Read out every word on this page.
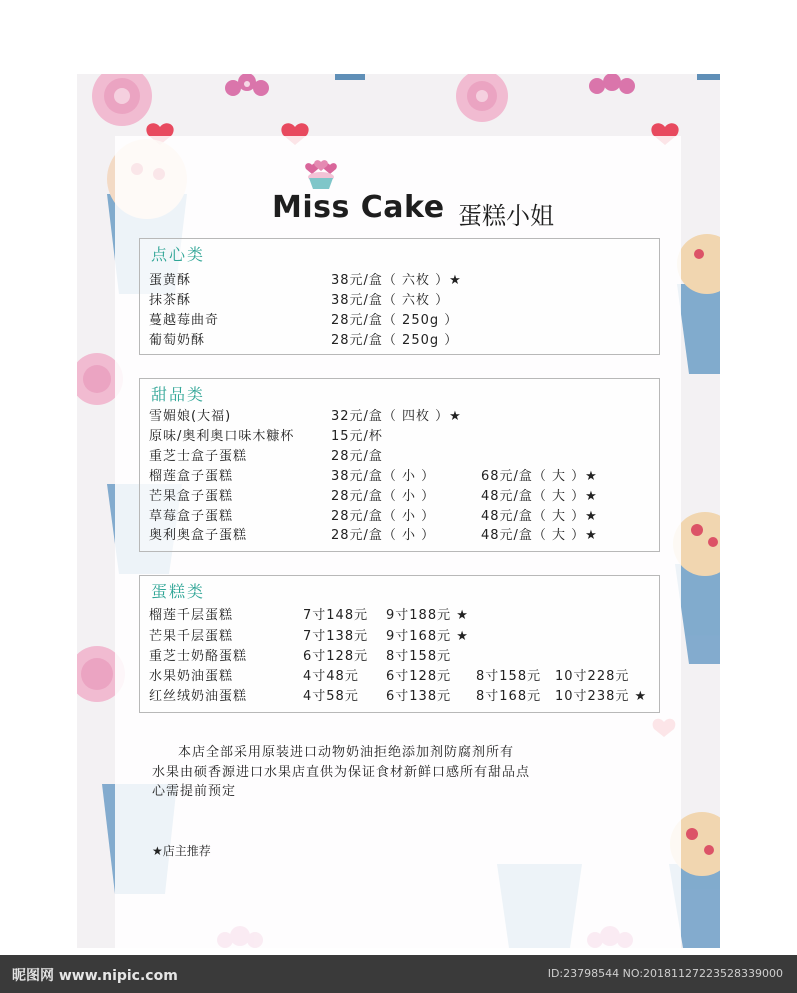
Miss Cake 蛋糕小姐
点心类
蛋黄酥	38元/盒（ 六枚 ）★
抹茶酥	38元/盒（ 六枚 ）
蔓越莓曲奇	28元/盒（ 250g ）
葡萄奶酥	28元/盒（ 250g ）
甜品类
雪媚娘(大福)	32元/盒（ 四枚 ）★
原味/奥利奥口味木糠杯	15元/杯
重芝士盒子蛋糕	28元/盒
榴莲盒子蛋糕	38元/盒（ 小 ）	68元/盒（ 大 ）★
芒果盒子蛋糕	28元/盒（ 小 ）	48元/盒（ 大 ）★
草莓盒子蛋糕	28元/盒（ 小 ）	48元/盒（ 大 ）★
奥利奥盒子蛋糕	28元/盒（ 小 ）	48元/盒（ 大 ）★
蛋糕类
榴莲千层蛋糕	7寸148元 9寸188元 ★
芒果千层蛋糕	7寸138元 9寸168元 ★
重芝士奶酪蛋糕	6寸128元 8寸158元
水果奶油蛋糕	4寸48元 6寸128元 8寸158元 10寸228元
红丝绒奶油蛋糕	4寸58元 6寸138元 8寸168元 10寸238元 ★
本店全部采用原装进口动物奶油拒绝添加剂防腐剂所有
水果由硕香源进口水果店直供为保证食材新鲜口感所有甜品点
心需提前预定
★店主推荐
昵图网 www.nipic.com	ID:23798544 NO:20181127223528339000
